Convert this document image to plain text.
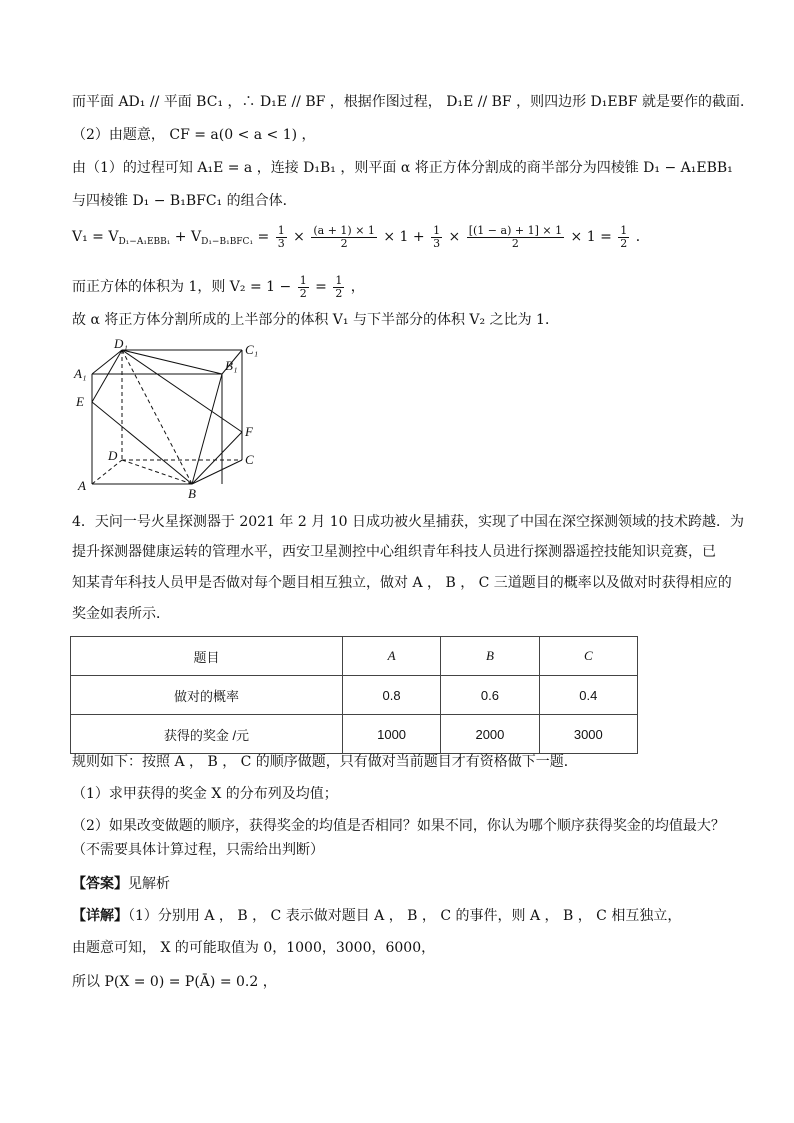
而平面 AD₁ // 平面 BC₁ ，∴ D₁E // BF ，根据作图过程， D₁E // BF ，则四边形 D₁EBF 就是要作的截面．
（2）由题意， CF = a(0 < a < 1) ，
由（1）的过程可知 A₁E = a ，连接 D₁B₁ ，则平面 α 将正方体分割成的商半部分为四棱锥 D₁ − A₁EBB₁
与四棱锥 D₁ − B₁BFC₁ 的组合体．
$V_1 = V_{D_1-A_1EBB_1} + V_{D_1-B_1BFC_1} = \frac{1}{3} \times \frac{(a + 1) \times 1}{2} \times 1 + \frac{1}{3} \times \frac{[(1 - a) + 1] \times 1}{2} \times 1 = \frac{1}{2}$ ．
而正方体的体积为 1，则 $V_2 = 1 - \frac{1}{2} = \frac{1}{2}$ ，
故 α 将正方体分割所成的上半部分的体积 V₁ 与下半部分的体积 V₂ 之比为 1．
D₁	C₁
A₁
B₁
E
F
D	C
A
B
4．天问一号火星探测器于 2021 年 2 月 10 日成功被火星捕获，实现了中国在深空探测领域的技术跨越．为
提升探测器健康运转的管理水平，西安卫星测控中心组织青年科技人员进行探测器遥控技能知识竞赛，已
知某青年科技人员甲是否做对每个题目相互独立，做对 A ， B ， C 三道题目的概率以及做对时获得相应的
奖金如表所示．
题目	A	B	C
做对的概率	0.8	0.6	0.4
获得的奖金 /元	1000	2000	3000
规则如下：按照 A ， B ， C 的顺序做题，只有做对当前题目才有资格做下一题．
（1）求甲获得的奖金 X 的分布列及均值；
（2）如果改变做题的顺序，获得奖金的均值是否相同？如果不同，你认为哪个顺序获得奖金的均值最大？
（不需要具体计算过程，只需给出判断）
【答案】见解析
【详解】（1）分别用 A ， B ， C 表示做对题目 A ， B ， C 的事件，则 A ， B ， C 相互独立，
由题意可知， X 的可能取值为 0，1000，3000，6000，
所以 P(X = 0) = P(Ā) = 0.2 ，
